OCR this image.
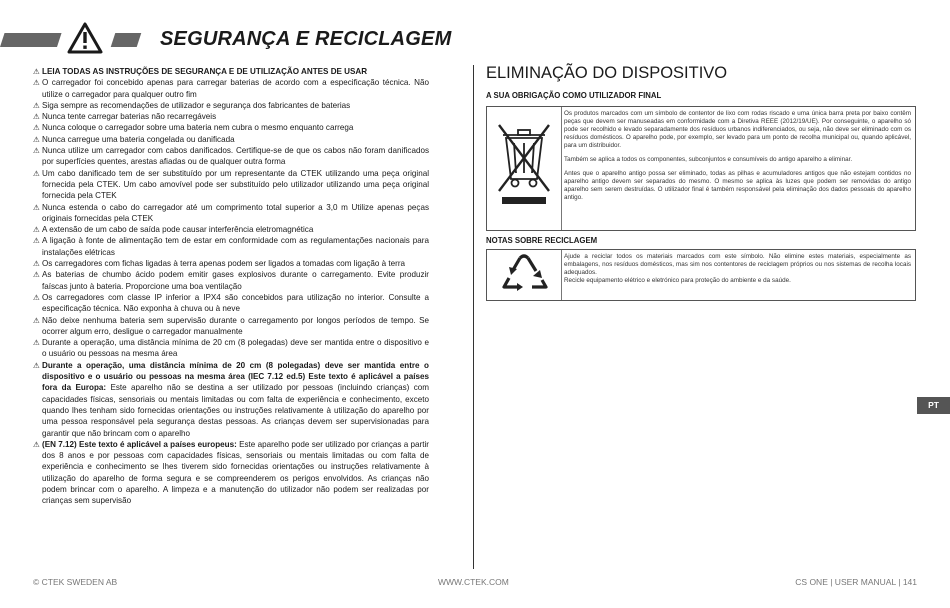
SEGURANÇA E RECICLAGEM
⚠ LEIA TODAS AS INSTRUÇÕES DE SEGURANÇA E DE UTILIZAÇÃO ANTES DE USAR
⚠ O carregador foi concebido apenas para carregar baterias de acordo com a especificação técnica. Não utilize o carregador para qualquer outro fim
⚠ Siga sempre as recomendações de utilizador e segurança dos fabricantes de baterias
⚠ Nunca tente carregar baterias não recarregáveis
⚠ Nunca coloque o carregador sobre uma bateria nem cubra o mesmo enquanto carrega
⚠ Nunca carregue uma bateria congelada ou danificada
⚠ Nunca utilize um carregador com cabos danificados. Certifique-se de que os cabos não foram danificados por superfícies quentes, arestas afiadas ou de qualquer outra forma
⚠ Um cabo danificado tem de ser substituído por um representante da CTEK utilizando uma peça original fornecida pela CTEK. Um cabo amovível pode ser substituído pelo utilizador utilizando uma peça original fornecida pela CTEK
⚠ Nunca estenda o cabo do carregador até um comprimento total superior a 3,0 m Utilize apenas peças originais fornecidas pela CTEK
⚠ A extensão de um cabo de saída pode causar interferência eletromagnética
⚠ A ligação à fonte de alimentação tem de estar em conformidade com as regulamentações nacionais para instalações elétricas
⚠ Os carregadores com fichas ligadas à terra apenas podem ser ligados a tomadas com ligação à terra
⚠ As baterias de chumbo ácido podem emitir gases explosivos durante o carregamento. Evite produzir faíscas junto à bateria. Proporcione uma boa ventilação
⚠ Os carregadores com classe IP inferior a IPX4 são concebidos para utilização no interior. Consulte a especificação técnica. Não exponha à chuva ou à neve
⚠ Não deixe nenhuma bateria sem supervisão durante o carregamento por longos períodos de tempo. Se ocorrer algum erro, desligue o carregador manualmente
⚠ Durante a operação, uma distância mínima de 20 cm (8 polegadas) deve ser mantida entre o dispositivo e o usuário ou pessoas na mesma área
⚠ Durante a operação, uma distância mínima de 20 cm (8 polegadas) deve ser mantida entre o dispositivo e o usuário ou pessoas na mesma área (IEC 7.12 ed.5) Este texto é aplicável a países fora da Europa: Este aparelho não se destina a ser utilizado por pessoas (incluindo crianças) com capacidades físicas, sensoriais ou mentais limitadas ou com falta de experiência e conhecimento, exceto quando lhes tenham sido fornecidas orientações ou instruções relativamente à utilização do aparelho por uma pessoa responsável pela segurança destas pessoas. As crianças devem ser supervisionadas para garantir que não brincam com o aparelho
⚠ (EN 7.12) Este texto é aplicável a países europeus: Este aparelho pode ser utilizado por crianças a partir dos 8 anos e por pessoas com capacidades físicas, sensoriais ou mentais limitadas ou com falta de experiência e conhecimento se lhes tiverem sido fornecidas orientações ou instruções relativamente à utilização do aparelho de forma segura e se compreenderem os perigos envolvidos. As crianças não podem brincar com o aparelho. A limpeza e a manutenção do utilizador não podem ser realizadas por crianças sem supervisão
ELIMINAÇÃO DO DISPOSITIVO
A SUA OBRIGAÇÃO COMO UTILIZADOR FINAL

Os produtos marcados com um símbolo de contentor de lixo com rodas riscado e uma única barra preta por baixo contêm peças que devem ser manuseadas em conformidade com a Diretiva REEE (2012/19/UE). Por conseguinte, o aparelho só pode ser recolhido e levado separadamente dos resíduos urbanos indiferenciados, ou seja, não deve ser eliminado com os resíduos domésticos. O aparelho pode, por exemplo, ser levado para um ponto de recolha municipal ou, quando aplicável, para um distribuidor.

Também se aplica a todos os componentes, subconjuntos e consumíveis do antigo aparelho a eliminar.

Antes que o aparelho antigo possa ser eliminado, todas as pilhas e acumuladores antigos que não estejam contidos no aparelho antigo devem ser separados do mesmo. O mesmo se aplica às luzes que podem ser removidas do antigo aparelho sem serem destruídas. O utilizador final é também responsável pela eliminação dos dados pessoais do aparelho antigo.

NOTAS SOBRE RECICLAGEM
Ajude a reciclar todos os materiais marcados com este símbolo. Não elimine estes materiais, especialmente as embalagens, nos resíduos domésticos, mas sim nos contentores de reciclagem próprios ou nos sistemas de recolha locais adequados.
Recicle equipamento elétrico e eletrónico para proteção do ambiente e da saúde.
PT
© CTEK SWEDEN AB	WWW.CTEK.COM	CS ONE | USER MANUAL | 141
